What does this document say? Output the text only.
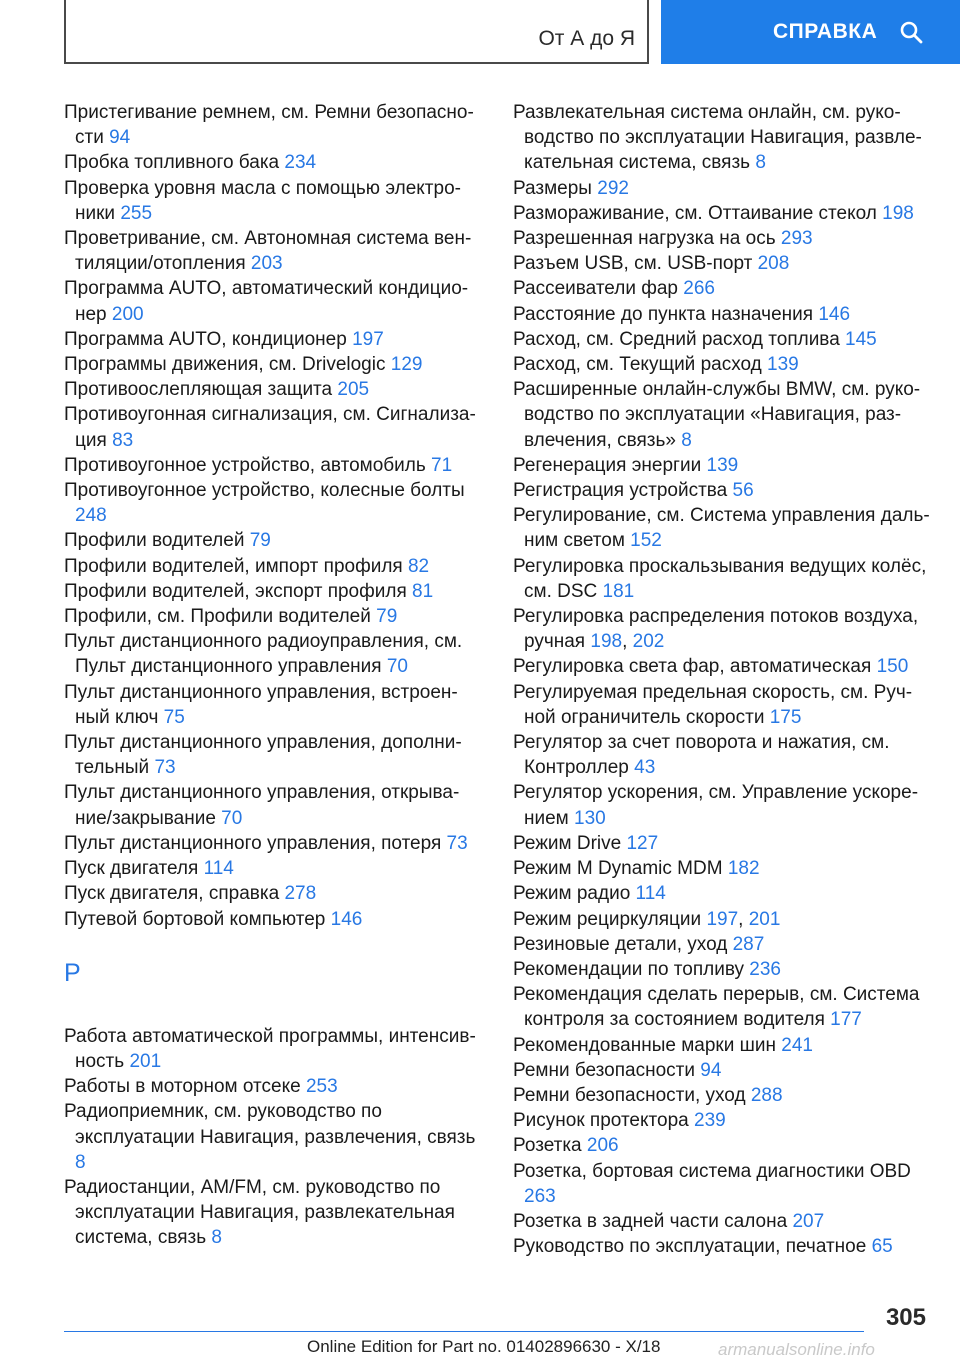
От А до Я	СПРАВКА

Пристегивание ремнем, см. Ремни безопасности 94

Пробка топливного бака 234

Проверка уровня масла с помощью электроники 255

Проветривание, см. Автономная система вентиляции/отопления 203

Программа AUTO, автоматический кондиционер 200

Программа AUTO, кондиционер 197

Программы движения, см. Drivelogic 129

Противоослепляющая защита 205

Противоугонная сигнализация, см. Сигнализация 83

Противоугонное устройство, автомобиль 71

Противоугонное устройство, колесные болты 248

Профили водителей 79

Профили водителей, импорт профиля 82

Профили водителей, экспорт профиля 81

Профили, см. Профили водителей 79

Пульт дистанционного радиоуправления, см. Пульт дистанционного управления 70

Пульт дистанционного управления, встроенный ключ 75

Пульт дистанционного управления, дополнительный 73

Пульт дистанционного управления, открывание/закрывание 70

Пульт дистанционного управления, потеря 73

Пуск двигателя 114

Пуск двигателя, справка 278

Путевой бортовой компьютер 146

Р

Работа автоматической программы, интенсивность 201

Работы в моторном отсеке 253

Радиоприемник, см. руководство по эксплуатации Навигация, развлечения, связь 8

Радиостанции, AM/FM, см. руководство по эксплуатации Навигация, развлекательная система, связь 8

Развлекательная система онлайн, см. руководство по эксплуатации Навигация, развлекательная система, связь 8

Размеры 292

Размораживание, см. Оттаивание стекол 198

Разрешенная нагрузка на ось 293

Разъем USB, см. USB-порт 208

Рассеиватели фар 266

Расстояние до пункта назначения 146

Расход, см. Средний расход топлива 145

Расход, см. Текущий расход 139

Расширенные онлайн-службы BMW, см. руководство по эксплуатации «Навигация, развлечения, связь» 8

Регенерация энергии 139

Регистрация устройства 56

Регулирование, см. Система управления дальним светом 152

Регулировка проскальзывания ведущих колёс, см. DSC 181

Регулировка распределения потоков воздуха, ручная 198, 202

Регулировка света фар, автоматическая 150

Регулируемая предельная скорость, см. Ручной ограничитель скорости 175

Регулятор за счет поворота и нажатия, см. Контроллер 43

Регулятор ускорения, см. Управление ускорением 130

Режим Drive 127

Режим M Dynamic MDM 182

Режим радио 114

Режим рециркуляции 197, 201

Резиновые детали, уход 287

Рекомендации по топливу 236

Рекомендация сделать перерыв, см. Система контроля за состоянием водителя 177

Рекомендованные марки шин 241

Ремни безопасности 94

Ремни безопасности, уход 288

Рисунок протектора 239

Розетка 206

Розетка, бортовая система диагностики OBD 263

Розетка в задней части салона 207

Руководство по эксплуатации, печатное 65

305
Online Edition for Part no. 01402896630 - X/18	armanualsonline.info
